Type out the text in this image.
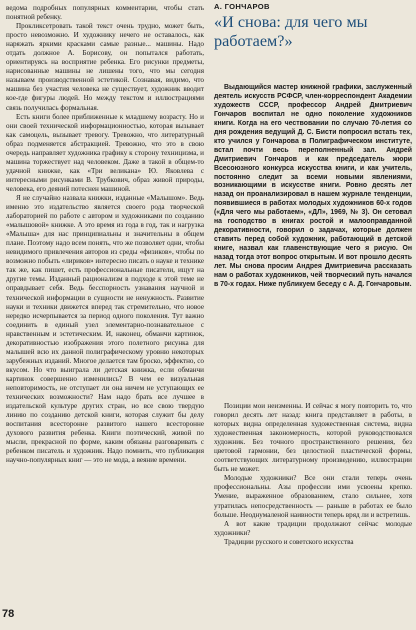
ведома подробных популярных комментарии, чтобы стать понятной ребенку.

Прокликсетровать такой текст очень трудно, может быть, просто невозможно. И художнику нечего не оставалось, как наряжать яркими красками самые разные... машины. Надо отдать должное А. Борисову, он попытался работать, ориентируясь на восприятие ребенка. Его рисунки предметы, нарисованные машины не лишены того, что мы сегодня называем производственной эстетикой. Сознавая, видимо, что машина без участия человека не существует, художник вводит кое-где фигуры людей. Но между текстом и иллюстрациями связь получилась формальная.

Есть книги более приближенные к младшему возрасту. Но и они своей технической информационностью, которая вызывает как самоцель, вызывает тревогу. Тревожно, что литературный образ подменяется абстракцией. Тревожно, что это в свою очередь направляет художника графику к сторону техницизма, и машина торжествует над человеком. Даже в такой в общем-то удачной книжке, как «Три великана» Ю. Яковлева с интересными рисунками В. Трубкович, образ живой природы, человека, его деяний потеснен машиной.

Я не случайно назвала книжки, изданные «Малышом». Ведь именно это издательство является своего рода творческой лабораторией по работе с автором и художниками по созданию «малышовой» книжке. А это время из года в год, так и нагрузка «Малыша» для нас принципиальны и значительны в общем плане. Поэтому надо всем понять, что же позволяет одни, чтобы невидимого привлечения авторов из среды «физиков», чтобы по возможно побыть «лириков» интересно писать о науке и технике так же, как пишет, есть профессиональные писатели, ищут на другие темы. Изданный рационализм в подходе к этой теме не оправдывает себя. Ведь бесспорность узнавания научной и технической информации в сущности не ненужность. Развитие науки и техники движется вперед так стремительно, что новое нередко исчерпывается за период одного поколения. Тут важно соединить в единый узел элементарно-познавательное с нравственным и эстетическим. И, наконец, обманчи картинок, декоративностью изображения этого полетного рисунка для малышей всю их данной полиграфическому уровню некоторых зарубежных изданий. Многое делается там броско, эффектно, со вкусом. Но что выиграла ли детская книжка, если обманчи картинок совершенно изменились? В чем ее визуальная неповторимость, не отступает ли она ничем не уступающих ее технических возможности? Нам надо брать все лучшее в издательской культуре других стран, но все свою твердую линию по созданию детской книги, которая служит бы делу воспитания всесторонне развитого нашего всесторонне духового развития ребенка. Книги поэтический, живой по мысли, прекрасной по форме, каким обязаны разговаривать с ребенком писатель и художник. Надо помнить, что публикация научно-популярных книг — это не мода, а веяние времени.

А. ГОНЧАРОВ
«И снова: для чего мы работаем?»

Выдающийся мастер книжной графики, заслуженный деятель искусств РСФСР, член-корреспондент Академии художеств СССР, профессор Андрей Дмитриевич Гончаров воспитал не одно поколение художников книги. Когда на его чествовании по случаю 70-летия со дня рождения ведущий Д. С. Бисти попросил встать тех, кто учился у Гончарова в Полиграфическом институте, встал почти весь переполненный зал. Андрей Дмитриевич Гончаров и как председатель жюри Всесоюзного конкурса искусства книги, и как учитель, постоянно следит за всеми новыми явлениями, возникающими в искусстве книги. Ровно десять лет назад он проанализировал в нашем журнале тенденции, появившиеся в работах молодых художников 60-х годов («Для чего мы работаем», «ДЛ», 1969, № 3). Он сетовал на господство в книгах ростой и малоoправданной декоративности, говорил о задачах, которые должен ставить перед собой художник, работающий в детской книге, назвал как главенствующие чего я рисую. Он назад тогда этот вопрос открытым. И вот прошло десять лет. Мы снова просим Андрея Дмитриевича рассказать нам о работах художников, чей творческий путь начался в 70-х годах. Ниже публикуем беседу с А. Д. Гончаровым.

Позиции мои неизменны. И сейчас я могу повторить то, что говорил десять лет назад: книга представляет в работы, в которых видна определенная художественная система, видна художественная закономерность, которой руководствовался художник. Без точного пространственного решения, без цветовой гармонии, без целостной пластической формы, соответствующих литературному произведению, иллюстрации быть не может.

Молодые художники? Все они стали теперь очень профессиональны. Азы профессии ими усвоены крепко. Умение, выраженное образованием, стало сильнее, хотя утратилась непосредственность — раньше в работах ее было больше. Неоднумаленой наивности теперь вряд ли и встретишь.

А вот какие традиции продолжают сейчас молодые художники?

Традиции русского и советского искусства

78
